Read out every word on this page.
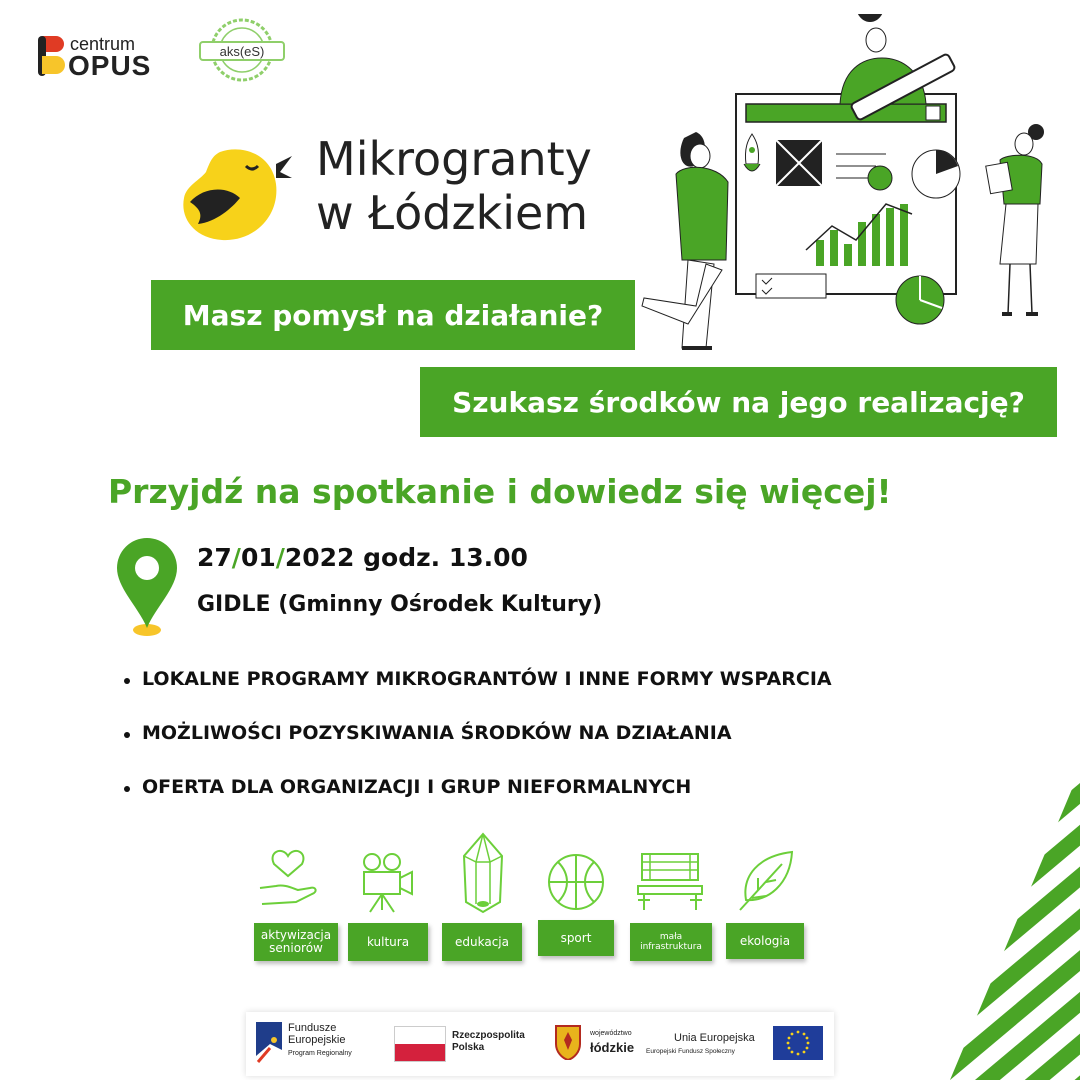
centrum
OPUS	aks(eS)
Mikrogranty
w Łódzkiem
Masz pomysł na działanie?
Szukasz środków na jego realizację?
Przyjdź na spotkanie i dowiedz się więcej!
27/01/2022 godz. 13.00
GIDLE (Gminny Ośrodek Kultury)
LOKALNE PROGRAMY MIKROGRANTÓW I INNE FORMY WSPARCIA
MOŻLIWOŚCI POZYSKIWANIA ŚRODKÓW NA DZIAŁANIA
OFERTA DLA ORGANIZACJI I GRUP NIEFORMALNYCH
aktywizacja seniorów	kultura	edukacja	sport	mała infrastruktura	ekologia
Fundusze
Europejskie
Program Regionalny
Rzeczpospolita
Polska
województwo
łódzkie
Unia Europejska
Europejski Fundusz Społeczny
